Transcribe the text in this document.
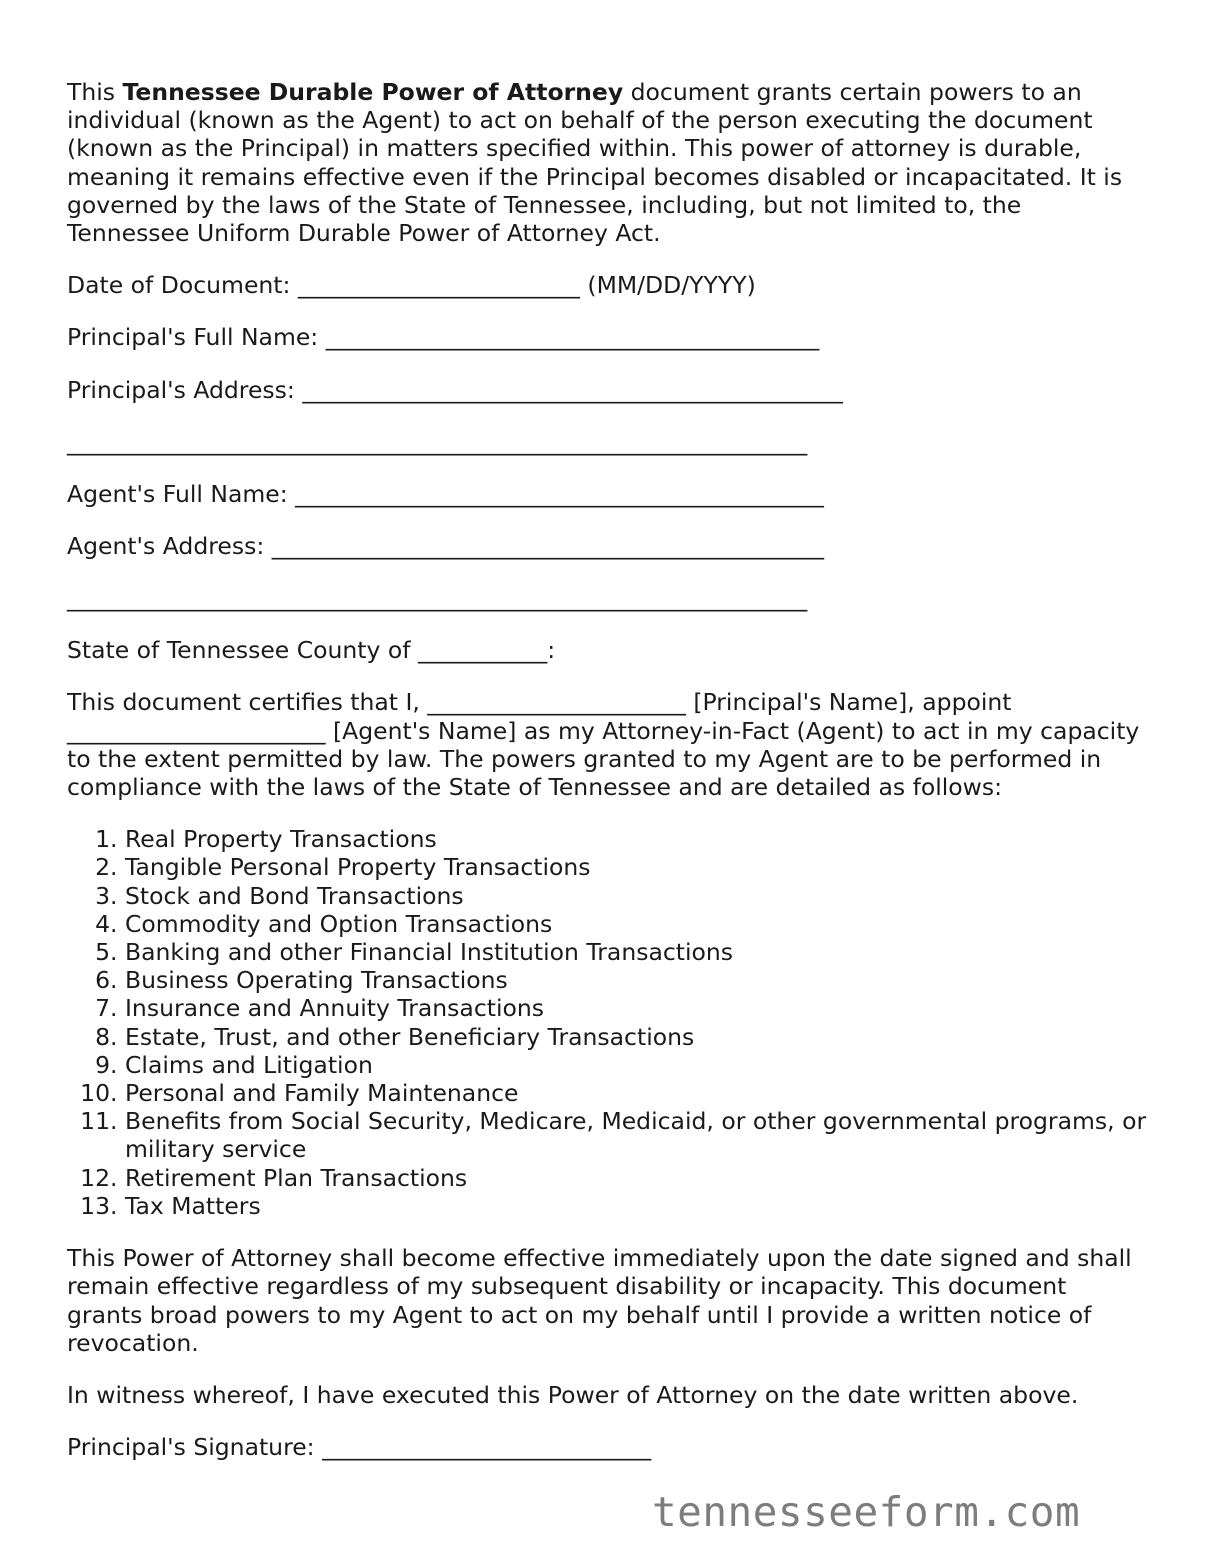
This Tennessee Durable Power of Attorney document grants certain powers to an individual (known as the Agent) to act on behalf of the person executing the document (known as the Principal) in matters specified within. This power of attorney is durable, meaning it remains effective even if the Principal becomes disabled or incapacitated. It is governed by the laws of the State of Tennessee, including, but not limited to, the Tennessee Uniform Durable Power of Attorney Act.

Date of Document: ________________________ (MM/DD/YYYY)
Principal's Full Name: __________________________________________
Principal's Address: ______________________________________________
_______________________________________________________________
Agent's Full Name: _____________________________________________
Agent's Address: _______________________________________________
_______________________________________________________________
State of Tennessee County of ___________:

This document certifies that I, ______________________ [Principal's Name], appoint ______________________ [Agent's Name] as my Attorney-in-Fact (Agent) to act in my capacity to the extent permitted by law. The powers granted to my Agent are to be performed in compliance with the laws of the State of Tennessee and are detailed as follows:

1. Real Property Transactions
2. Tangible Personal Property Transactions
3. Stock and Bond Transactions
4. Commodity and Option Transactions
5. Banking and other Financial Institution Transactions
6. Business Operating Transactions
7. Insurance and Annuity Transactions
8. Estate, Trust, and other Beneficiary Transactions
9. Claims and Litigation
10. Personal and Family Maintenance
11. Benefits from Social Security, Medicare, Medicaid, or other governmental programs, or military service
12. Retirement Plan Transactions
13. Tax Matters

This Power of Attorney shall become effective immediately upon the date signed and shall remain effective regardless of my subsequent disability or incapacity. This document grants broad powers to my Agent to act on my behalf until I provide a written notice of revocation.

In witness whereof, I have executed this Power of Attorney on the date written above.

Principal's Signature: ____________________________
tennesseeform.com
